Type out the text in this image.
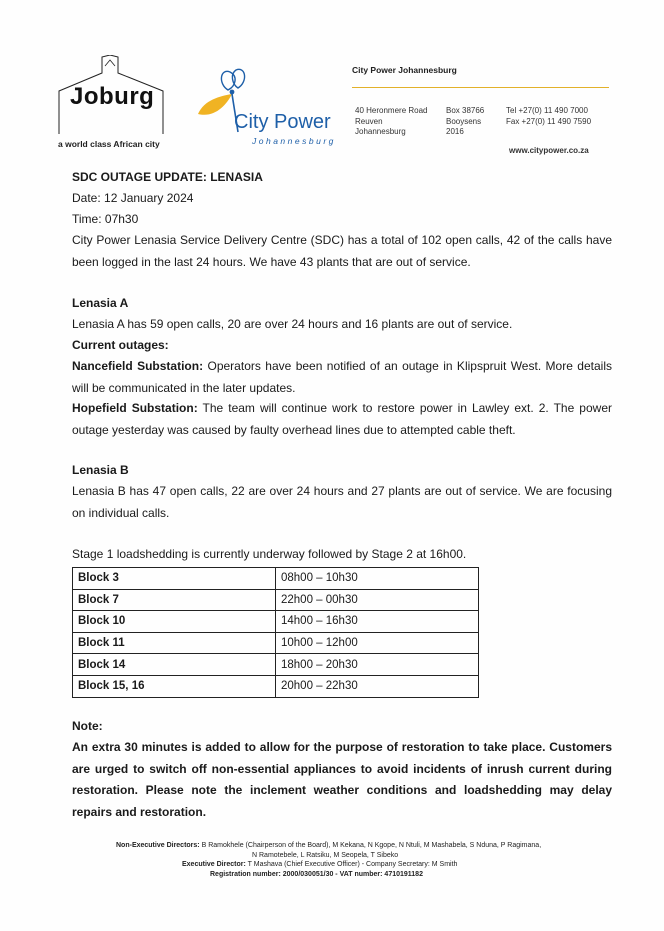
Joburg
a world class African city
City Power
Johannesburg
City Power Johannesburg
40 Heronmere Road
Reuven
Johannesburg
Box 38766
Booysens
2016
Tel +27(0) 11 490 7000
Fax +27(0) 11 490 7590
www.citypower.co.za
SDC OUTAGE UPDATE: LENASIA
Date: 12 January 2024
Time: 07h30
City Power Lenasia Service Delivery Centre (SDC) has a total of 102 open calls, 42 of the calls have been logged in the last 24 hours. We have 43 plants that are out of service.
Lenasia A
Lenasia A has 59 open calls, 20 are over 24 hours and 16 plants are out of service.
Current outages:
Nancefield Substation: Operators have been notified of an outage in Klipspruit West. More details will be communicated in the later updates.
Hopefield Substation: The team will continue work to restore power in Lawley ext. 2. The power outage yesterday was caused by faulty overhead lines due to attempted cable theft.
Lenasia B
Lenasia B has 47 open calls, 22 are over 24 hours and 27 plants are out of service. We are focusing on individual calls.
Stage 1 loadshedding is currently underway followed by Stage 2 at 16h00.
Note:
An extra 30 minutes is added to allow for the purpose of restoration to take place. Customers are urged to switch off non-essential appliances to avoid incidents of inrush current during restoration. Please note the inclement weather conditions and loadshedding may delay repairs and restoration.
Block 3	08h00 – 10h30
Block 7	22h00 – 00h30
Block 10	14h00 – 16h30
Block 11	10h00 – 12h00
Block 14	18h00 – 20h30
Block 15, 16	20h00 – 22h30
Non-Executive Directors: B Ramokhele (Chairperson of the Board), M Kekana, N Kgope, N Ntuli, M Mashabela, S Nduna, P Ragimana,
N Ramotebele, L Ratsiku, M Seopela, T Sibeko
Executive Director: T Mashava (Chief Executive Officer) - Company Secretary: M Smith
Registration number: 2000/030051/30 - VAT number: 4710191182
